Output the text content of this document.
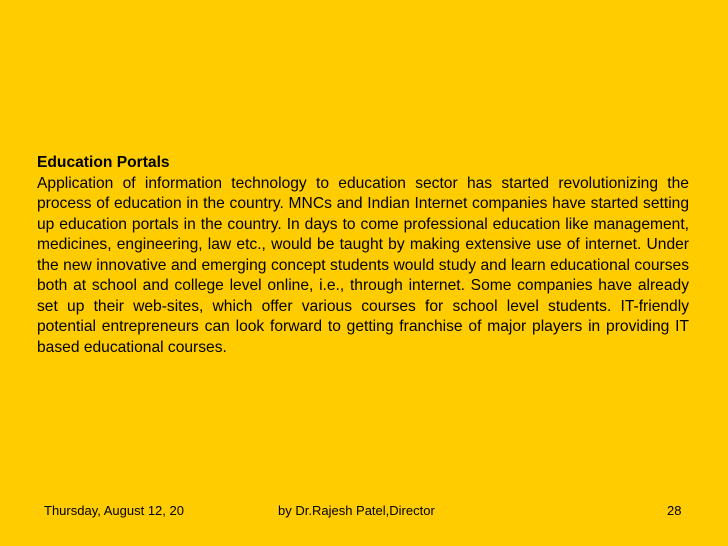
Education Portals

Application of information technology to education sector has started revolutionizing the process of education in the country. MNCs and Indian Internet companies have started setting up education portals in the country. In days to come professional education like management, medicines, engineering, law etc., would be taught by making extensive use of internet. Under the new innovative and emerging concept students would study and learn educational courses both at school and college level online, i.e., through internet. Some companies have already set up their web-sites, which offer various courses for school level students. IT-friendly potential entrepreneurs can look forward to getting franchise of major players in providing IT based educational courses.

Thursday, August 12, 20	by Dr.Rajesh Patel,Director	28
